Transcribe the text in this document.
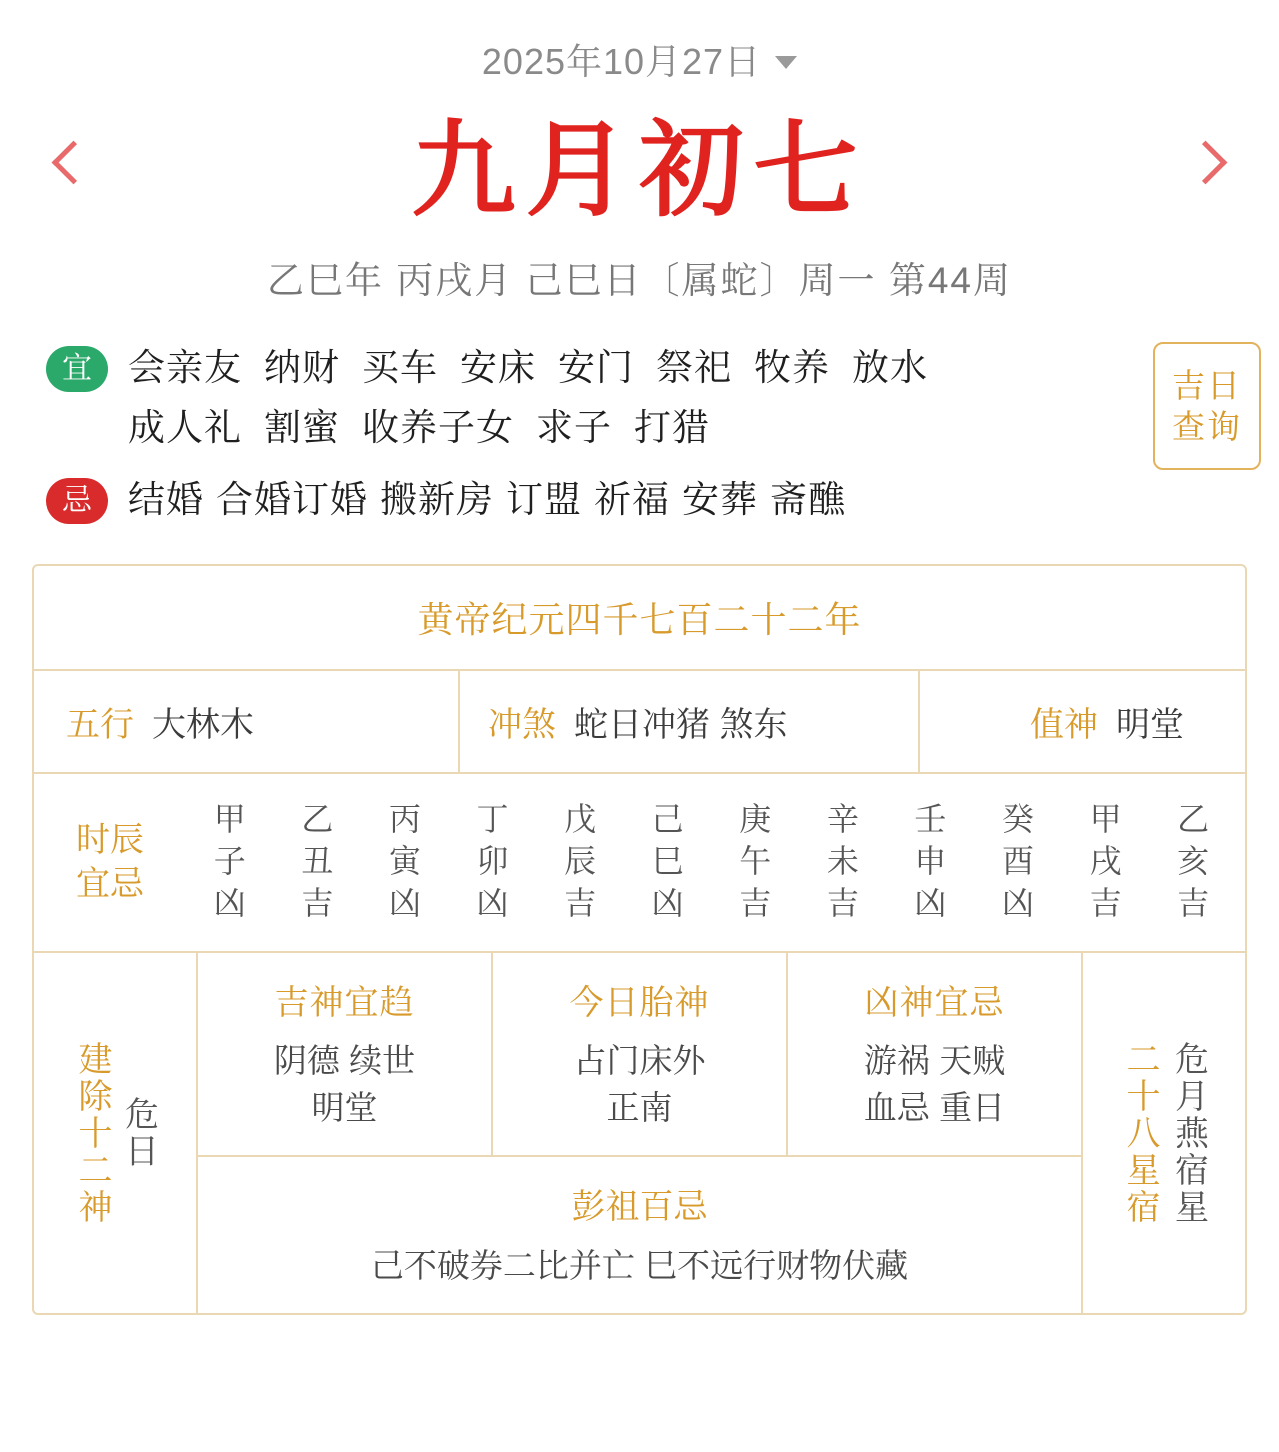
2025年10月27日
九月初七
乙巳年 丙戌月 己巳日〔属蛇〕周一 第44周
宜 会亲友 纳财 买车 安床 安门 祭祀 牧养 放水
成人礼 割蜜 收养子女 求子 打猎
忌 结婚 合婚订婚 搬新房 订盟 祈福 安葬 斋醮
吉日
查询
黄帝纪元四千七百二十二年
五行 大林木	冲煞 蛇日冲猪 煞东	值神 明堂
时辰
宜忌
甲
子
凶
乙
丑
吉
丙
寅
凶
丁
卯
凶
戊
辰
吉
己
巳
凶
庚
午
吉
辛
未
吉
壬
申
凶
癸
酉
凶
甲
戌
吉
乙
亥
吉
建除十二神 危日
吉神宜趋
阴德 续世
明堂
今日胎神
占门床外
正南
凶神宜忌
游祸 天贼
血忌 重日
彭祖百忌
己不破券二比并亡 巳不远行财物伏藏
二十八星宿 危月燕宿星
